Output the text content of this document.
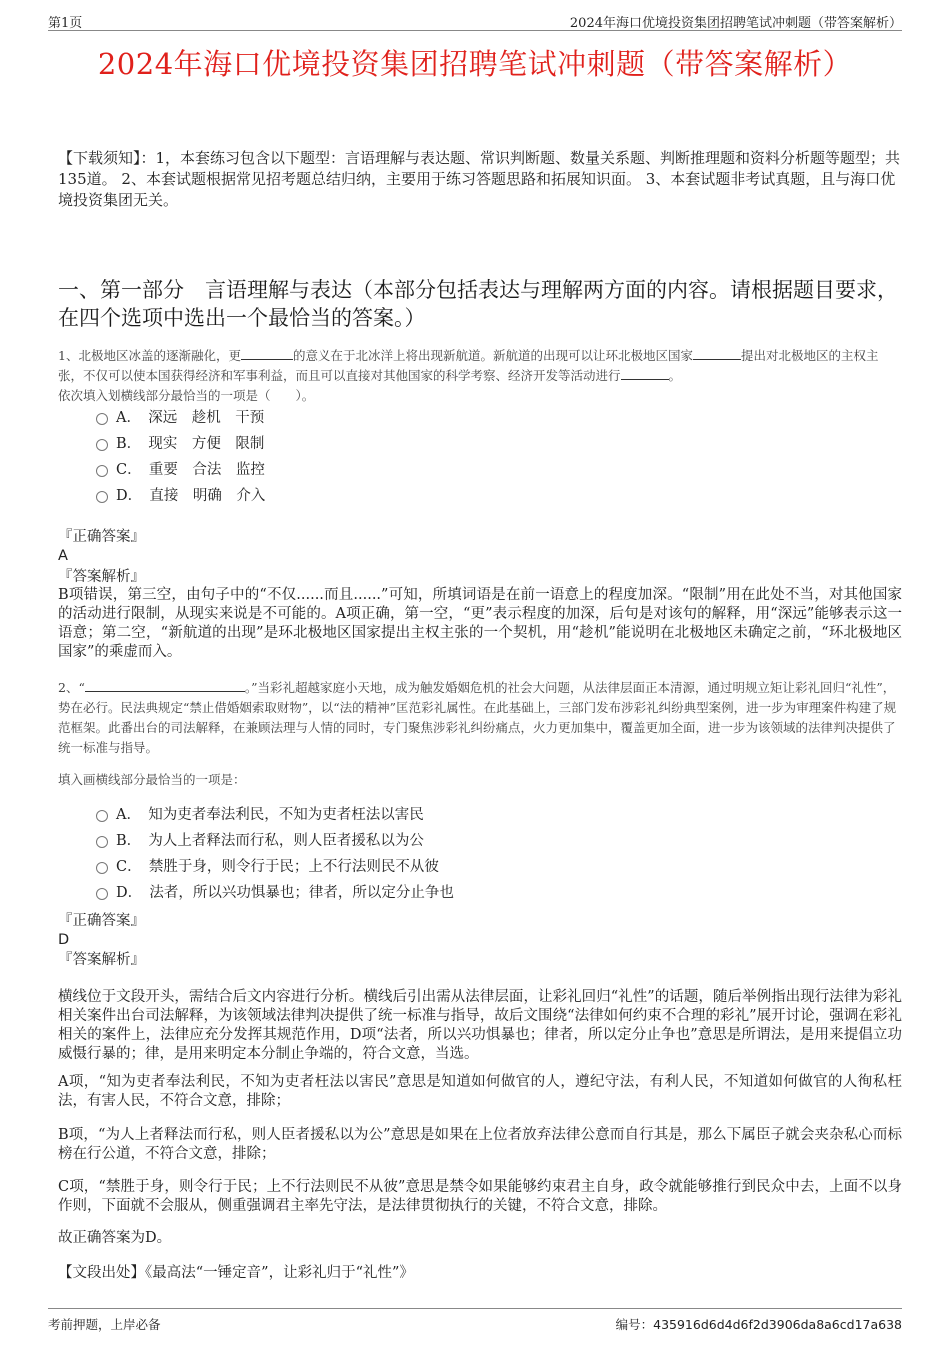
第1页	2024年海口优境投资集团招聘笔试冲刺题（带答案解析）
2024年海口优境投资集团招聘笔试冲刺题（带答案解析）
【下载须知】：1，本套练习包含以下题型：言语理解与表达题、常识判断题、数量关系题、判断推理题和资料分析题等题型；共135道。 2、本套试题根据常见招考题总结归纳，主要用于练习答题思路和拓展知识面。 3、本套试题非考试真题，且与海口优境投资集团无关。
一、第一部分　言语理解与表达（本部分包括表达与理解两方面的内容。请根据题目要求，在四个选项中选出一个最恰当的答案。）
1、北极地区冰盖的逐渐融化，更	的意义在于北冰洋上将出现新航道。新航道的出现可以让环北极地区国家	提出对北极地区的主权主张，不仅可以使本国获得经济和军事利益，而且可以直接对其他国家的科学考察、经济开发等活动进行	。
依次填入划横线部分最恰当的一项是（　　）。
A．　深远　趁机　干预
B．　现实　方便　限制
C．　重要　合法　监控
D．　直接　明确　介入
『正确答案』
A
『答案解析』
B项错误，第三空，由句子中的“不仅......而且......”可知，所填词语是在前一语意上的程度加深。“限制”用在此处不当，对其他国家的活动进行限制，从现实来说是不可能的。A项正确，第一空，“更”表示程度的加深，后句是对该句的解释，用“深远”能够表示这一语意；第二空，“新航道的出现”是环北极地区国家提出主权主张的一个契机，用“趁机”能说明在北极地区未确定之前，“环北极地区国家”的乘虚而入。
2、“	。”当彩礼超越家庭小天地，成为触发婚姻危机的社会大问题，从法律层面正本清源，通过明规立矩让彩礼回归“礼性”，势在必行。民法典规定“禁止借婚姻索取财物”，以“法的精神”匡范彩礼属性。在此基础上，三部门发布涉彩礼纠纷典型案例，进一步为审理案件构建了规范框架。此番出台的司法解释，在兼顾法理与人情的同时，专门聚焦涉彩礼纠纷痛点，火力更加集中，覆盖更加全面，进一步为该领域的法律判决提供了统一标准与指导。
填入画横线部分最恰当的一项是：
A．　知为吏者奉法利民，不知为吏者枉法以害民
B．　为人上者释法而行私，则人臣者援私以为公
C．　禁胜于身，则令行于民；上不行法则民不从彼
D．　法者，所以兴功惧暴也；律者，所以定分止争也
『正确答案』
D
『答案解析』
横线位于文段开头，需结合后文内容进行分析。横线后引出需从法律层面，让彩礼回归“礼性”的话题，随后举例指出现行法律为彩礼相关案件出台司法解释，为该领域法律判决提供了统一标准与指导，故后文围绕“法律如何约束不合理的彩礼”展开讨论，强调在彩礼相关的案件上，法律应充分发挥其规范作用，D项“法者，所以兴功惧暴也；律者，所以定分止争也”意思是所谓法，是用来提倡立功威慑行暴的；律，是用来明定本分制止争端的，符合文意，当选。
A项，“知为吏者奉法利民，不知为吏者枉法以害民”意思是知道如何做官的人，遵纪守法，有利人民，不知道如何做官的人徇私枉法，有害人民，不符合文意，排除；
B项，“为人上者释法而行私，则人臣者援私以为公”意思是如果在上位者放弃法律公意而自行其是，那么下属臣子就会夹杂私心而标榜在行公道，不符合文意，排除；
C项，“禁胜于身，则令行于民；上不行法则民不从彼”意思是禁令如果能够约束君主自身，政令就能够推行到民众中去，上面不以身作则，下面就不会服从，侧重强调君主率先守法，是法律贯彻执行的关键，不符合文意，排除。
故正确答案为D。
【文段出处】《最高法“一锤定音”，让彩礼归于“礼性”》
考前押题，上岸必备	编号：435916d6d4d6f2d3906da8a6cd17a638
